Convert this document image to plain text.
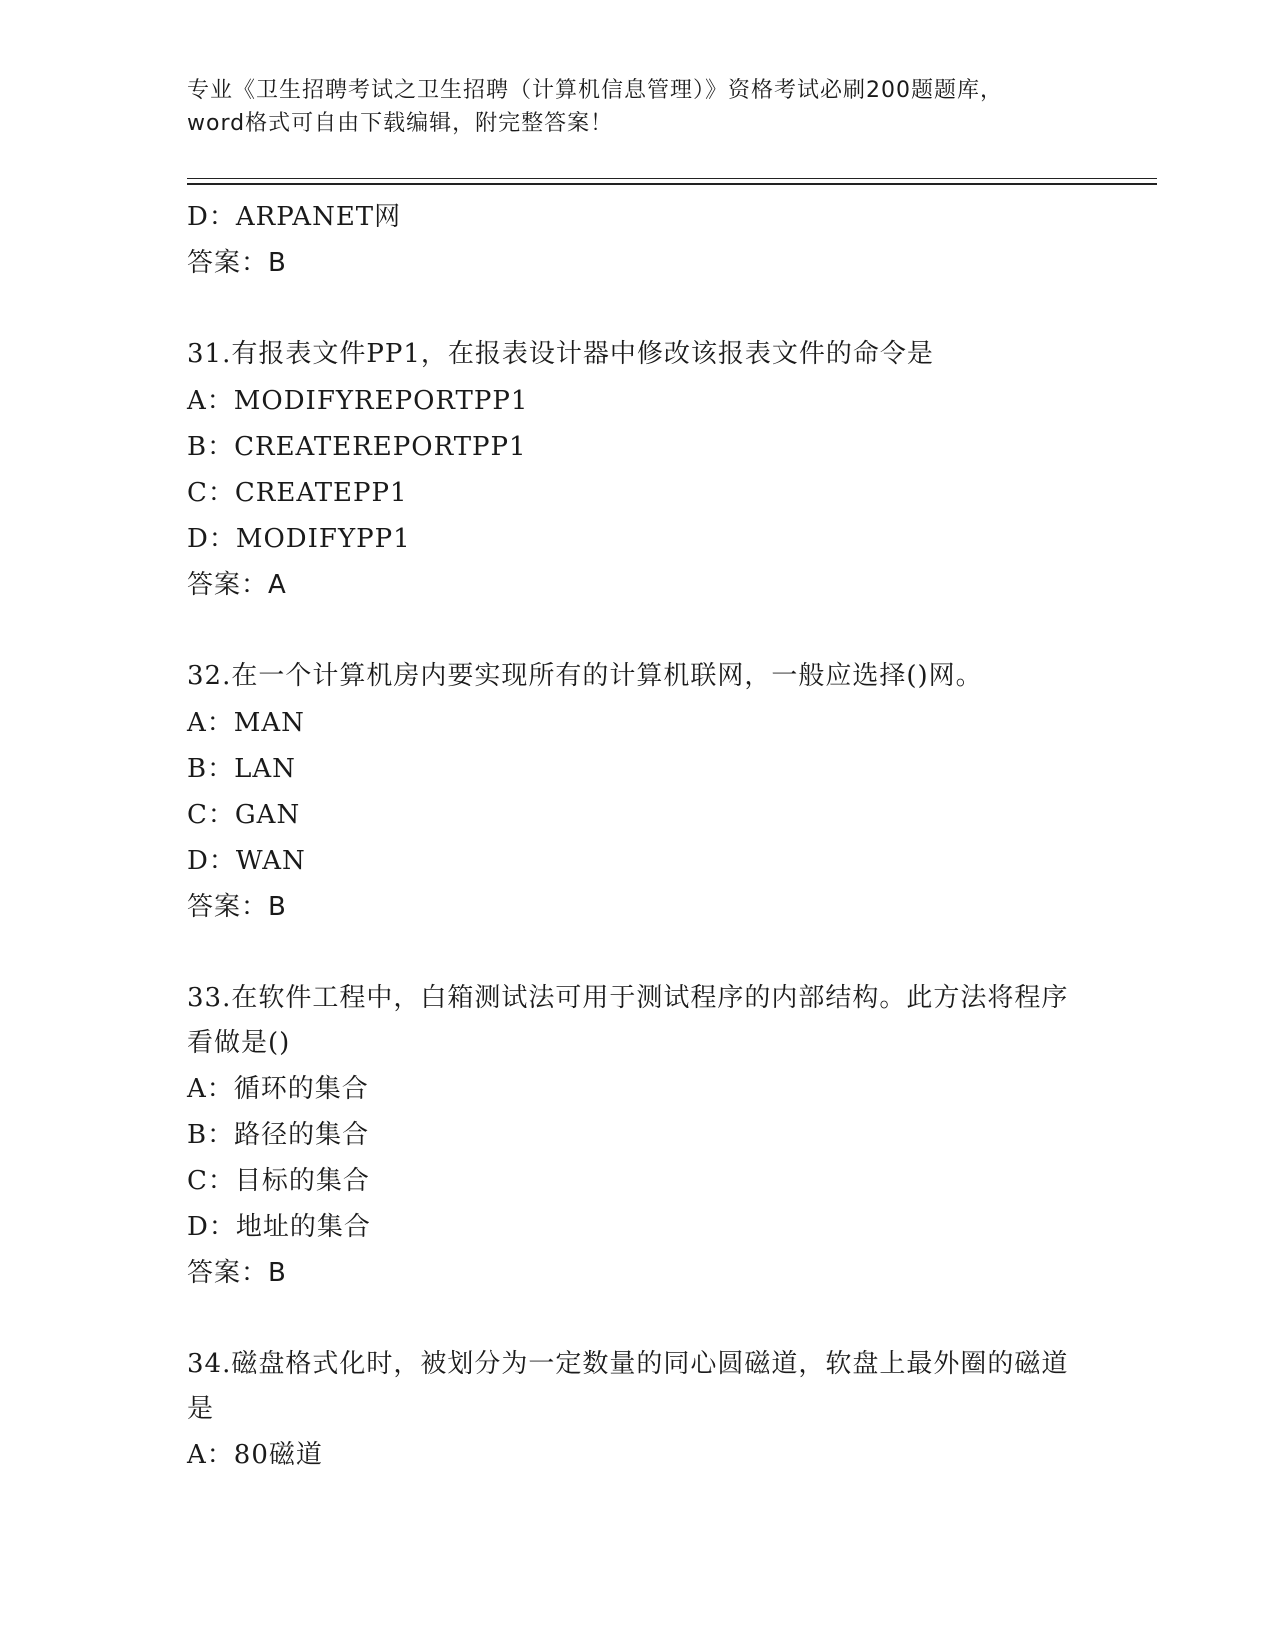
专业《卫生招聘考试之卫生招聘（计算机信息管理）》资格考试必刷200题题库，
word格式可自由下载编辑，附完整答案！
D：ARPANET网
答案：B
31.有报表文件PP1，在报表设计器中修改该报表文件的命令是
A：MODIFYREPORTPP1
B：CREATEREPORTPP1
C：CREATEPP1
D：MODIFYPP1
答案：A
32.在一个计算机房内要实现所有的计算机联网，一般应选择()网。
A：MAN
B：LAN
C：GAN
D：WAN
答案：B
33.在软件工程中，白箱测试法可用于测试程序的内部结构。此方法将程序看做是()
A：循环的集合
B：路径的集合
C：目标的集合
D：地址的集合
答案：B
34.磁盘格式化时，被划分为一定数量的同心圆磁道，软盘上最外圈的磁道是
A：80磁道
